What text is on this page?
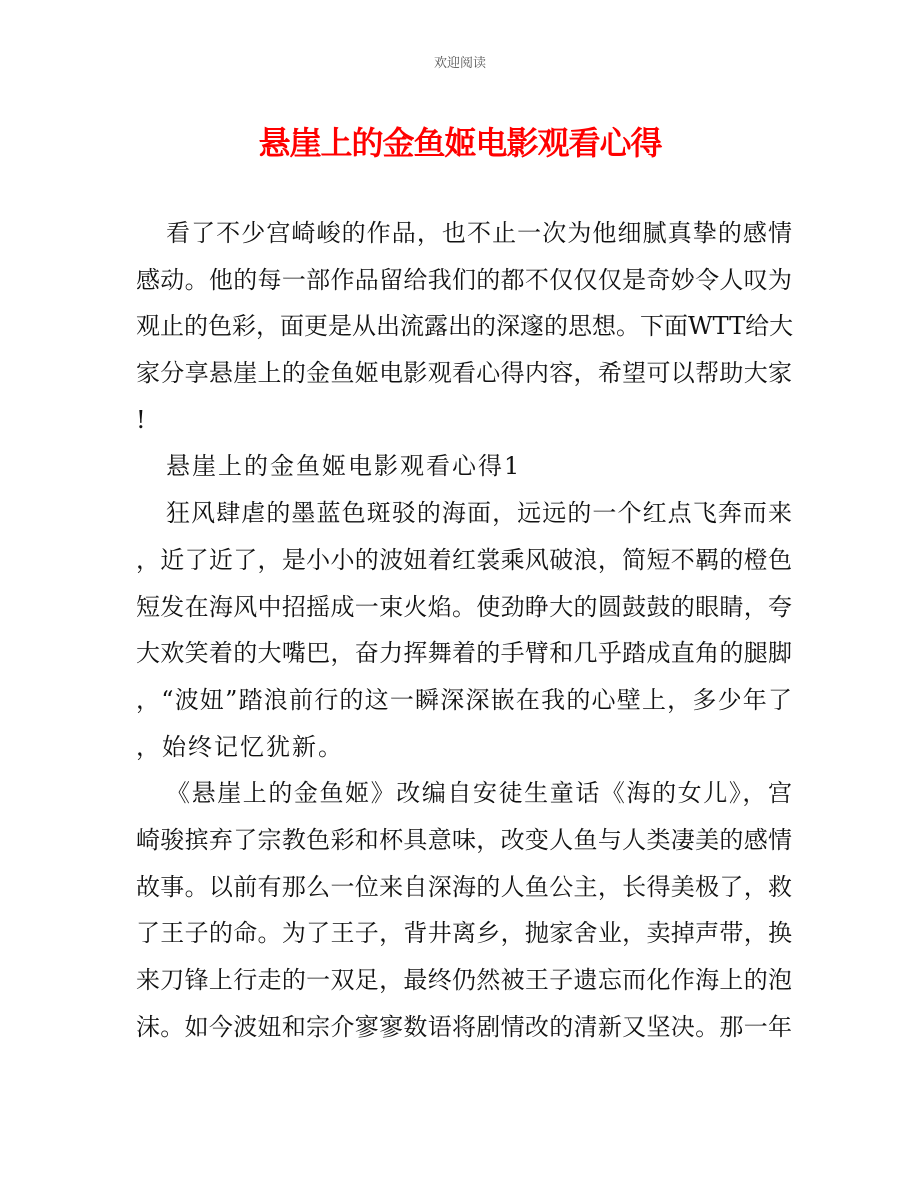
欢迎阅读
悬崖上的金鱼姬电影观看心得
看了不少宫崎峻的作品，也不止一次为他细腻真挚的感情
感动。他的每一部作品留给我们的都不仅仅仅是奇妙令人叹为
观止的色彩，面更是从出流露出的深邃的思想。下面WTT给大
家分享悬崖上的金鱼姬电影观看心得内容，希望可以帮助大家
!
悬崖上的金鱼姬电影观看心得1
狂风肆虐的墨蓝色斑驳的海面，远远的一个红点飞奔而来
，近了近了，是小小的波妞着红裳乘风破浪，简短不羁的橙色
短发在海风中招摇成一束火焰。使劲睁大的圆鼓鼓的眼睛，夸
大欢笑着的大嘴巴，奋力挥舞着的手臂和几乎踏成直角的腿脚
，“波妞”踏浪前行的这一瞬深深嵌在我的心壁上，多少年了
，始终记忆犹新。
《悬崖上的金鱼姬》改编自安徒生童话《海的女儿》，宫
崎骏摈弃了宗教色彩和杯具意味，改变人鱼与人类凄美的感情
故事。以前有那么一位来自深海的人鱼公主，长得美极了，救
了王子的命。为了王子，背井离乡，抛家舍业，卖掉声带，换
来刀锋上行走的一双足，最终仍然被王子遗忘而化作海上的泡
沫。如今波妞和宗介寥寥数语将剧情改的清新又坚决。那一年
